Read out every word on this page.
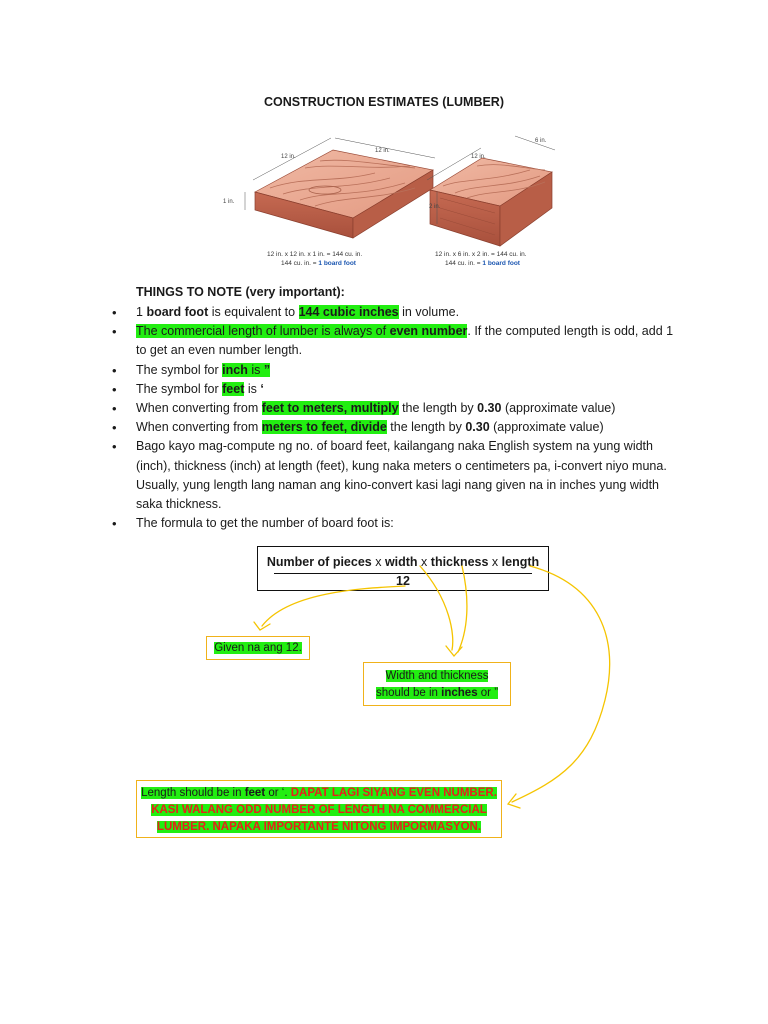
CONSTRUCTION ESTIMATES (LUMBER)
12 in.
12 in.
1 in.
12 in. x 12 in. x 1 in. = 144 cu. in.
144 cu. in. = 1 board foot
12 in.
6 in.
2 in.
12 in. x 6 in. x 2 in. = 144 cu. in.
144 cu. in. = 1 board foot
THINGS TO NOTE (very important):
• 1 board foot is equivalent to 144 cubic inches in volume.
• The commercial length of lumber is always of even number. If the computed length is odd, add 1 to get an even number length.
• The symbol for inch is ”
• The symbol for feet is ‘
• When converting from feet to meters, multiply the length by 0.30 (approximate value)
• When converting from meters to feet, divide the length by 0.30 (approximate value)
• Bago kayo mag-compute ng no. of board feet, kailangang naka English system na yung width (inch), thickness (inch) at length (feet), kung naka meters o centimeters pa, i-convert niyo muna. Usually, yung length lang naman ang kino-convert kasi lagi nang given na in inches yung width saka thickness.
• The formula to get the number of board foot is:
Number of pieces x width x thickness x length
12
Given na ang 12.
Width and thickness
should be in inches or ”
Length should be in feet or ‘. DAPAT LAGI SIYANG EVEN NUMBER. KASI WALANG ODD NUMBER OF LENGTH NA COMMERCIAL LUMBER. NAPAKA IMPORTANTE NITONG IMPORMASYON.
